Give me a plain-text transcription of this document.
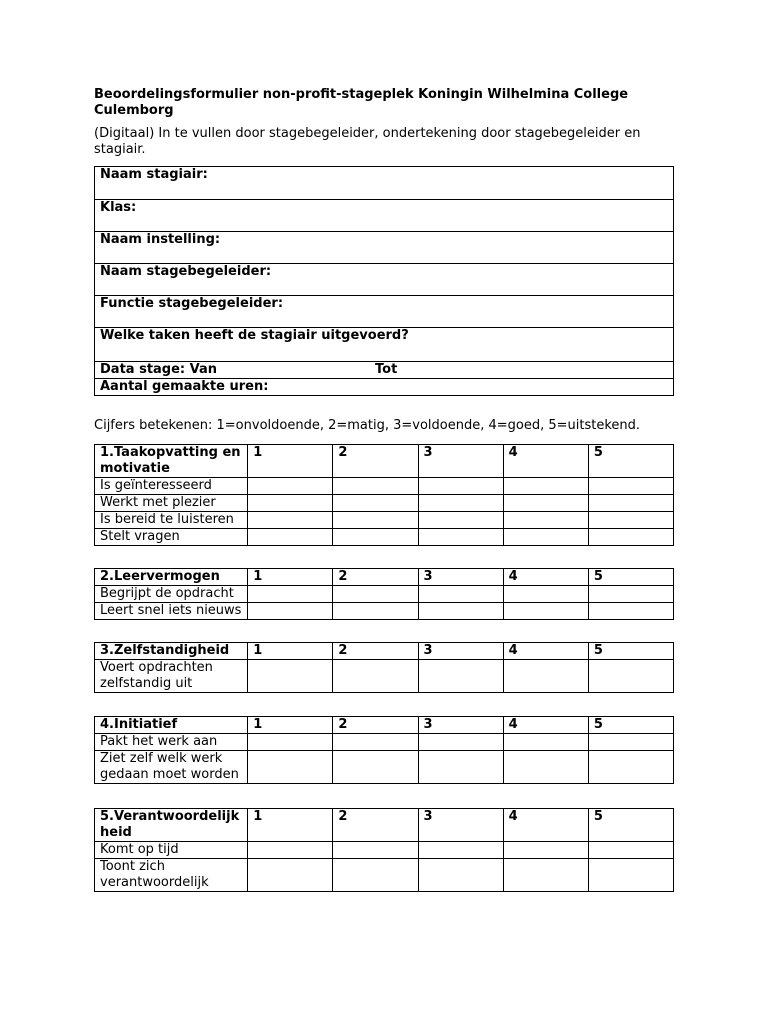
Beoordelingsformulier non-profit-stageplek Koningin Wilhelmina College Culemborg
(Digitaal) In te vullen door stagebegeleider, ondertekening door stagebegeleider en stagiair.
Naam stagiair:
Klas:
Naam instelling:
Naam stagebegeleider:
Functie stagebegeleider:
Welke taken heeft de stagiair uitgevoerd?
Data stage: Van	Tot
Aantal gemaakte uren:
Cijfers betekenen: 1=onvoldoende, 2=matig, 3=voldoende, 4=goed, 5=uitstekend.
1.Taakopvatting en motivatie	1	2	3	4	5
Is geïnteresseerd					
Werkt met plezier					
Is bereid te luisteren					
Stelt vragen					
2.Leervermogen	1	2	3	4	5
Begrijpt de opdracht					
Leert snel iets nieuws					
3.Zelfstandigheid	1	2	3	4	5
Voert opdrachten zelfstandig uit					
4.Initiatief	1	2	3	4	5
Pakt het werk aan					
Ziet zelf welk werk gedaan moet worden					
5.Verantwoordelijkheid	1	2	3	4	5
Komt op tijd					
Toont zich verantwoordelijk					
